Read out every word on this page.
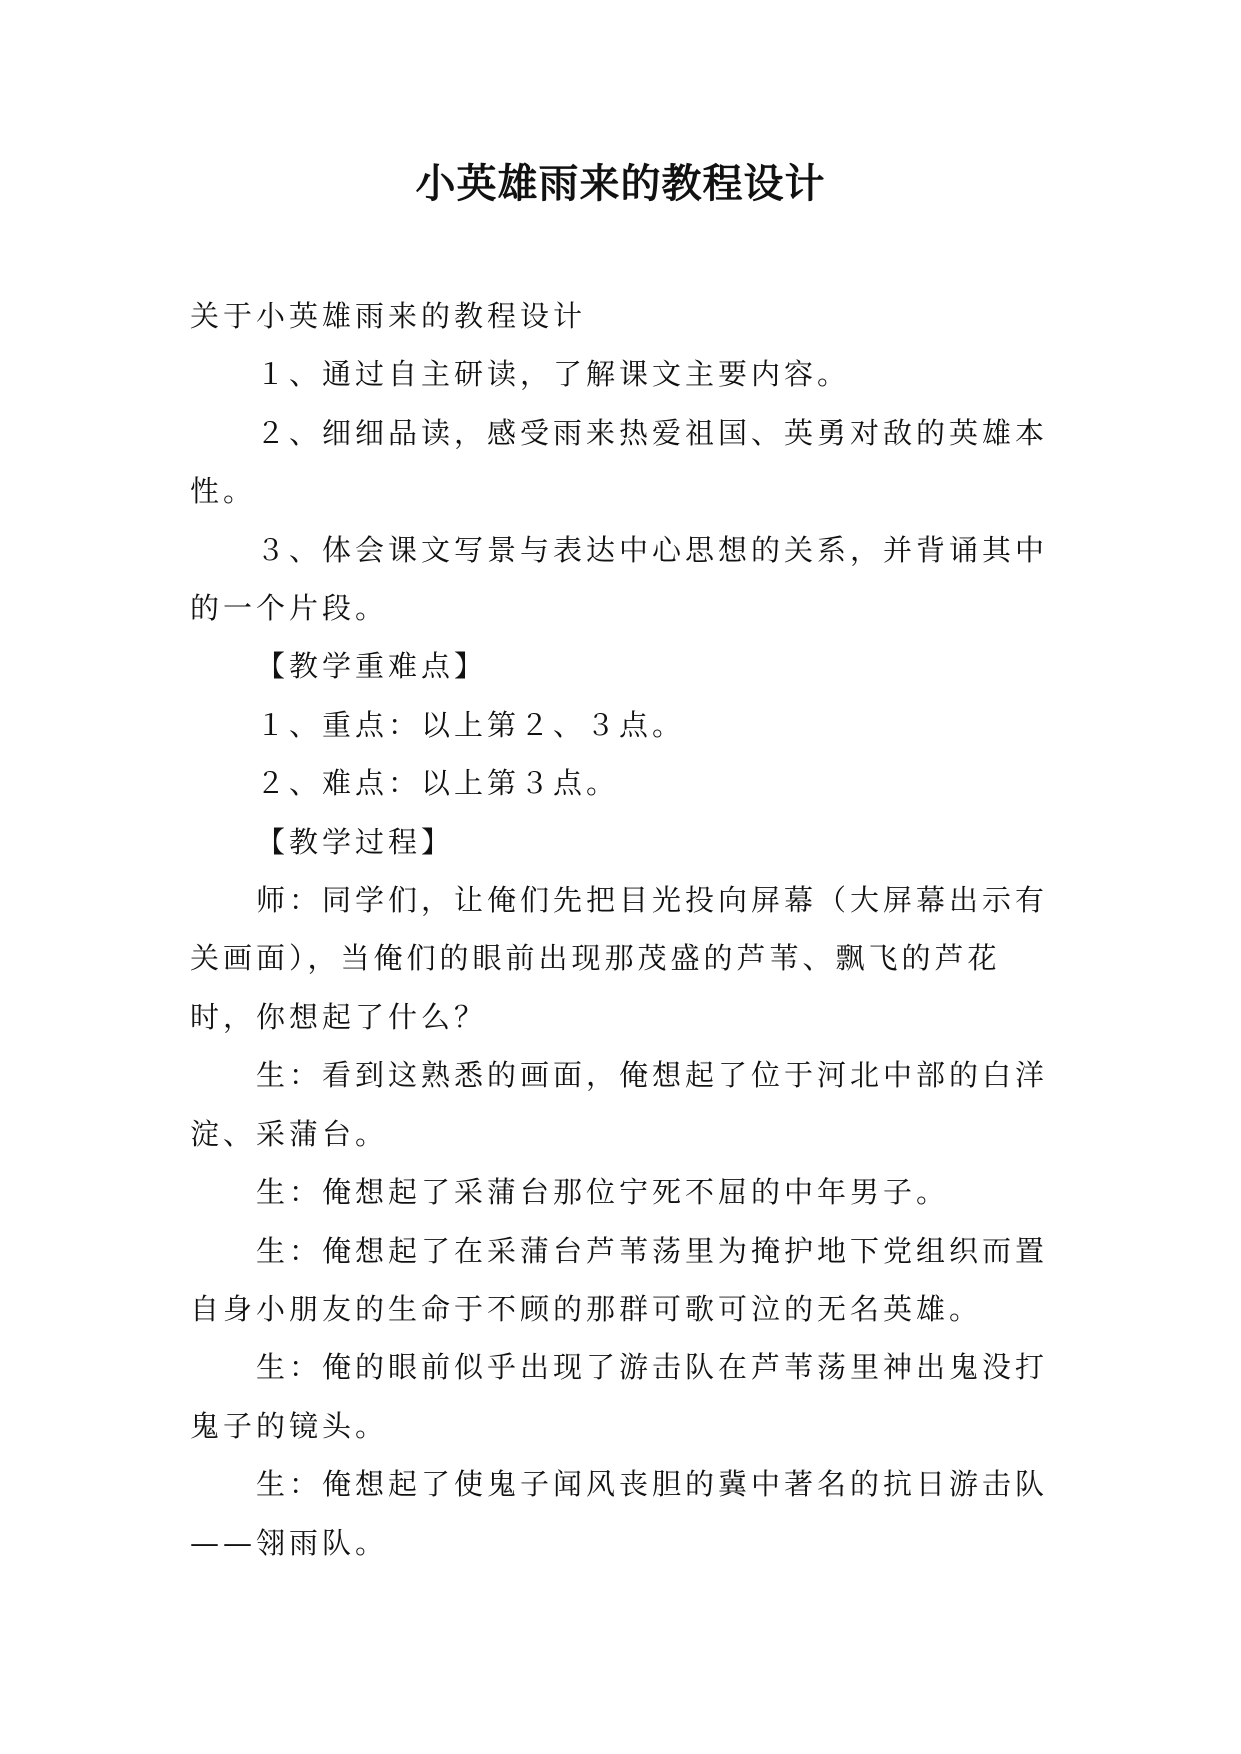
小英雄雨来的教程设计

关于小英雄雨来的教程设计

１、通过自主研读，了解课文主要内容。

２、细细品读，感受雨来热爱祖国、英勇对敌的英雄本性。

３、体会课文写景与表达中心思想的关系，并背诵其中的一个片段。

【教学重难点】

１、重点：以上第２、３点。

２、难点：以上第３点。

【教学过程】

师：同学们，让俺们先把目光投向屏幕（大屏幕出示有关画面），当俺们的眼前出现那茂盛的芦苇、飘飞的芦花时，你想起了什么？

生：看到这熟悉的画面，俺想起了位于河北中部的白洋淀、采蒲台。

生：俺想起了采蒲台那位宁死不屈的中年男子。

生：俺想起了在采蒲台芦苇荡里为掩护地下党组织而置自身小朋友的生命于不顾的那群可歌可泣的无名英雄。

生：俺的眼前似乎出现了游击队在芦苇荡里神出鬼没打鬼子的镜头。

生：俺想起了使鬼子闻风丧胆的冀中著名的抗日游击队——翎雨队。
